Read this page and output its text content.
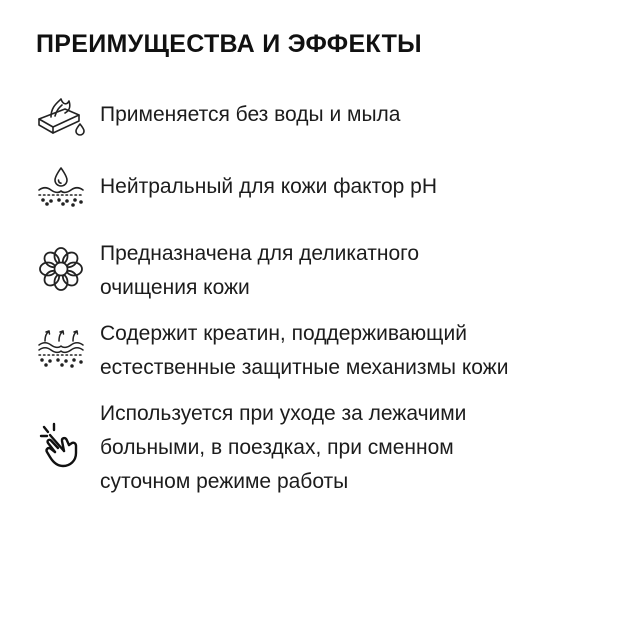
ПРЕИМУЩЕСТВА И ЭФФЕКТЫ
Применяется без воды и мыла
Нейтральный для кожи фактор pH
Предназначена для деликатного
очищения кожи
Содержит креатин, поддерживающий
естественные защитные механизмы кожи
Используется при уходе за лежачими
больными, в поездках, при сменном
суточном режиме работы
